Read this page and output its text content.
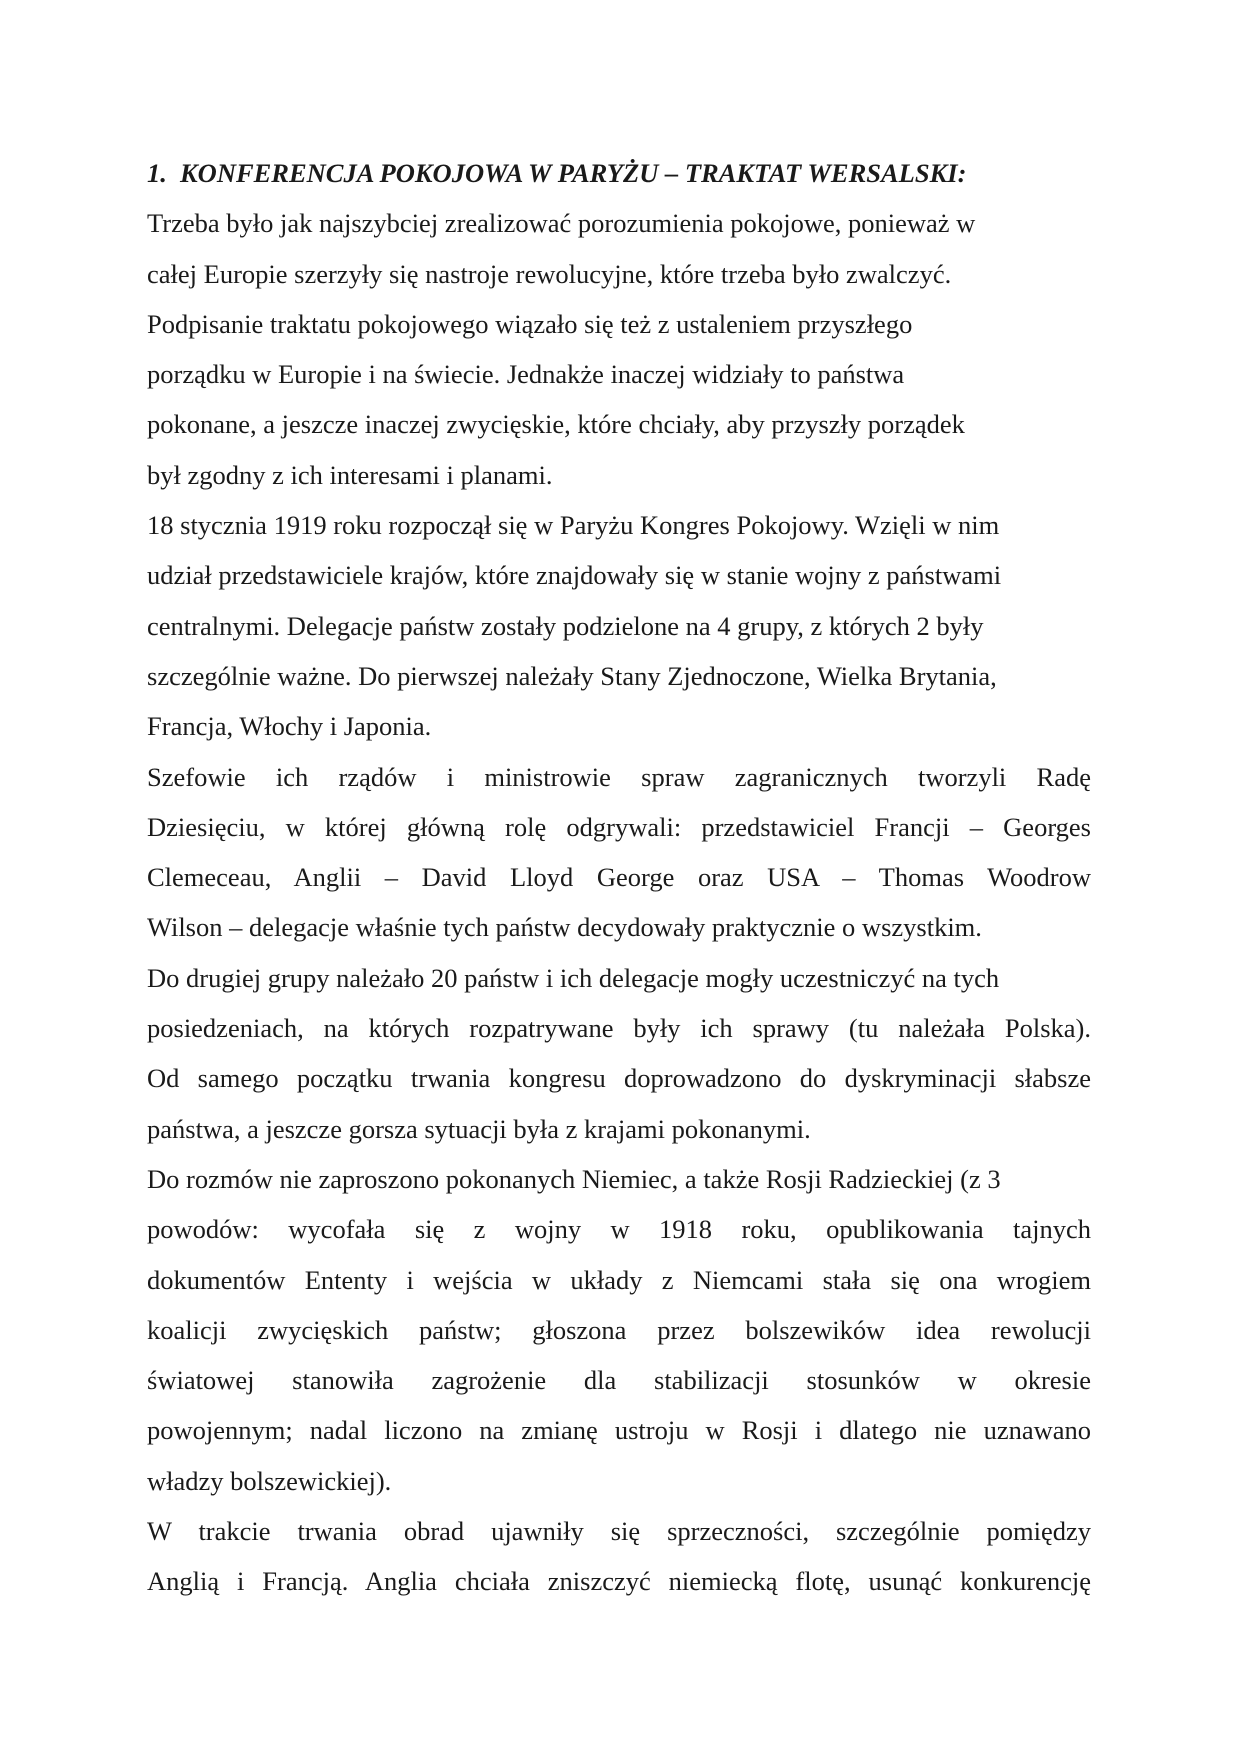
1. KONFERENCJA POKOJOWA W PARYŻU – TRAKTAT WERSALSKI:

Trzeba było jak najszybciej zrealizować porozumienia pokojowe, ponieważ w
całej Europie szerzyły się nastroje rewolucyjne, które trzeba było zwalczyć.
Podpisanie traktatu pokojowego wiązało się też z ustaleniem przyszłego
porządku w Europie i na świecie. Jednakże inaczej widziały to państwa
pokonane, a jeszcze inaczej zwycięskie, które chciały, aby przyszły porządek
był zgodny z ich interesami i planami.
18 stycznia 1919 roku rozpoczął się w Paryżu Kongres Pokojowy. Wzięli w nim
udział przedstawiciele krajów, które znajdowały się w stanie wojny z państwami
centralnymi. Delegacje państw zostały podzielone na 4 grupy, z których 2 były
szczególnie ważne. Do pierwszej należały Stany Zjednoczone, Wielka Brytania,
Francja, Włochy i Japonia.
Szefowie ich rządów i ministrowie spraw zagranicznych tworzyli Radę
Dziesięciu, w której główną rolę odgrywali: przedstawiciel Francji – Georges
Clemeceau, Anglii – David Lloyd George oraz USA – Thomas Woodrow
Wilson – delegacje właśnie tych państw decydowały praktycznie o wszystkim.
Do drugiej grupy należało 20 państw i ich delegacje mogły uczestniczyć na tych
posiedzeniach, na których rozpatrywane były ich sprawy (tu należała Polska).
Od samego początku trwania kongresu doprowadzono do dyskryminacji słabsze
państwa, a jeszcze gorsza sytuacji była z krajami pokonanymi.
Do rozmów nie zaproszono pokonanych Niemiec, a także Rosji Radzieckiej (z 3
powodów: wycofała się z wojny w 1918 roku, opublikowania tajnych
dokumentów Ententy i wejścia w układy z Niemcami stała się ona wrogiem
koalicji zwycięskich państw; głoszona przez bolszewików idea rewolucji
światowej stanowiła zagrożenie dla stabilizacji stosunków w okresie
powojennym; nadal liczono na zmianę ustroju w Rosji i dlatego nie uznawano
władzy bolszewickiej).
W trakcie trwania obrad ujawniły się sprzeczności, szczególnie pomiędzy
Anglią i Francją. Anglia chciała zniszczyć niemiecką flotę, usunąć konkurencję
